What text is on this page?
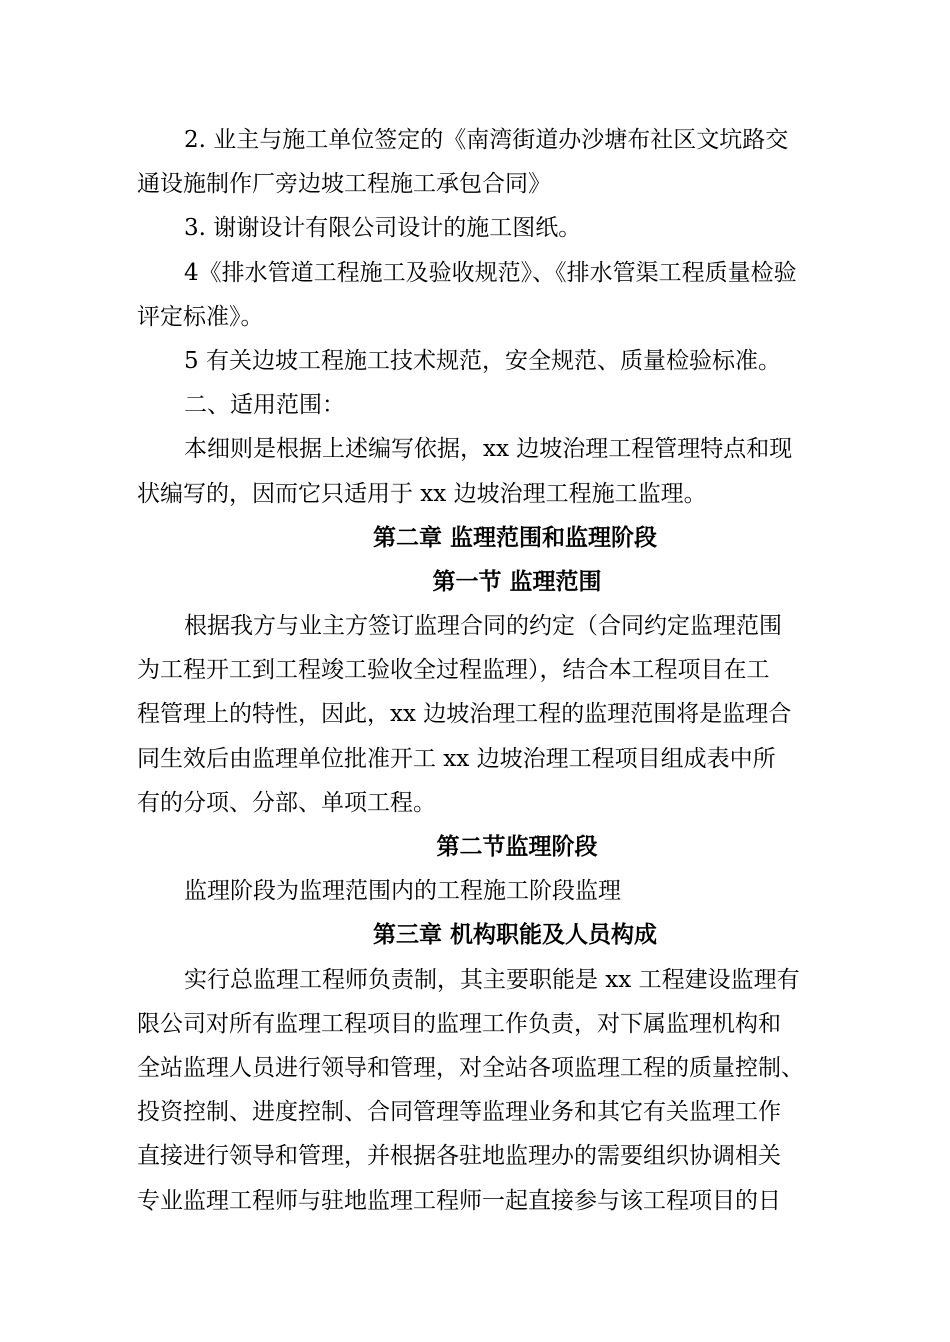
2. 业主与施工单位签定的《南湾街道办沙塘布社区文坑路交
通设施制作厂旁边坡工程施工承包合同》
3. 谢谢设计有限公司设计的施工图纸。
4《排水管道工程施工及验收规范》、《排水管渠工程质量检验
评定标准》。
5 有关边坡工程施工技术规范，安全规范、质量检验标准。
二、适用范围：
本细则是根据上述编写依据，xx 边坡治理工程管理特点和现
状编写的，因而它只适用于 xx 边坡治理工程施工监理。
第二章 监理范围和监理阶段
第一节 监理范围
根据我方与业主方签订监理合同的约定（合同约定监理范围
为工程开工到工程竣工验收全过程监理），结合本工程项目在工
程管理上的特性，因此，xx 边坡治理工程的监理范围将是监理合
同生效后由监理单位批准开工 xx 边坡治理工程项目组成表中所
有的分项、分部、单项工程。
第二节监理阶段
监理阶段为监理范围内的工程施工阶段监理
第三章 机构职能及人员构成
实行总监理工程师负责制，其主要职能是 xx 工程建设监理有
限公司对所有监理工程项目的监理工作负责，对下属监理机构和
全站监理人员进行领导和管理，对全站各项监理工程的质量控制、
投资控制、进度控制、合同管理等监理业务和其它有关监理工作
直接进行领导和管理，并根据各驻地监理办的需要组织协调相关
专业监理工程师与驻地监理工程师一起直接参与该工程项目的日
